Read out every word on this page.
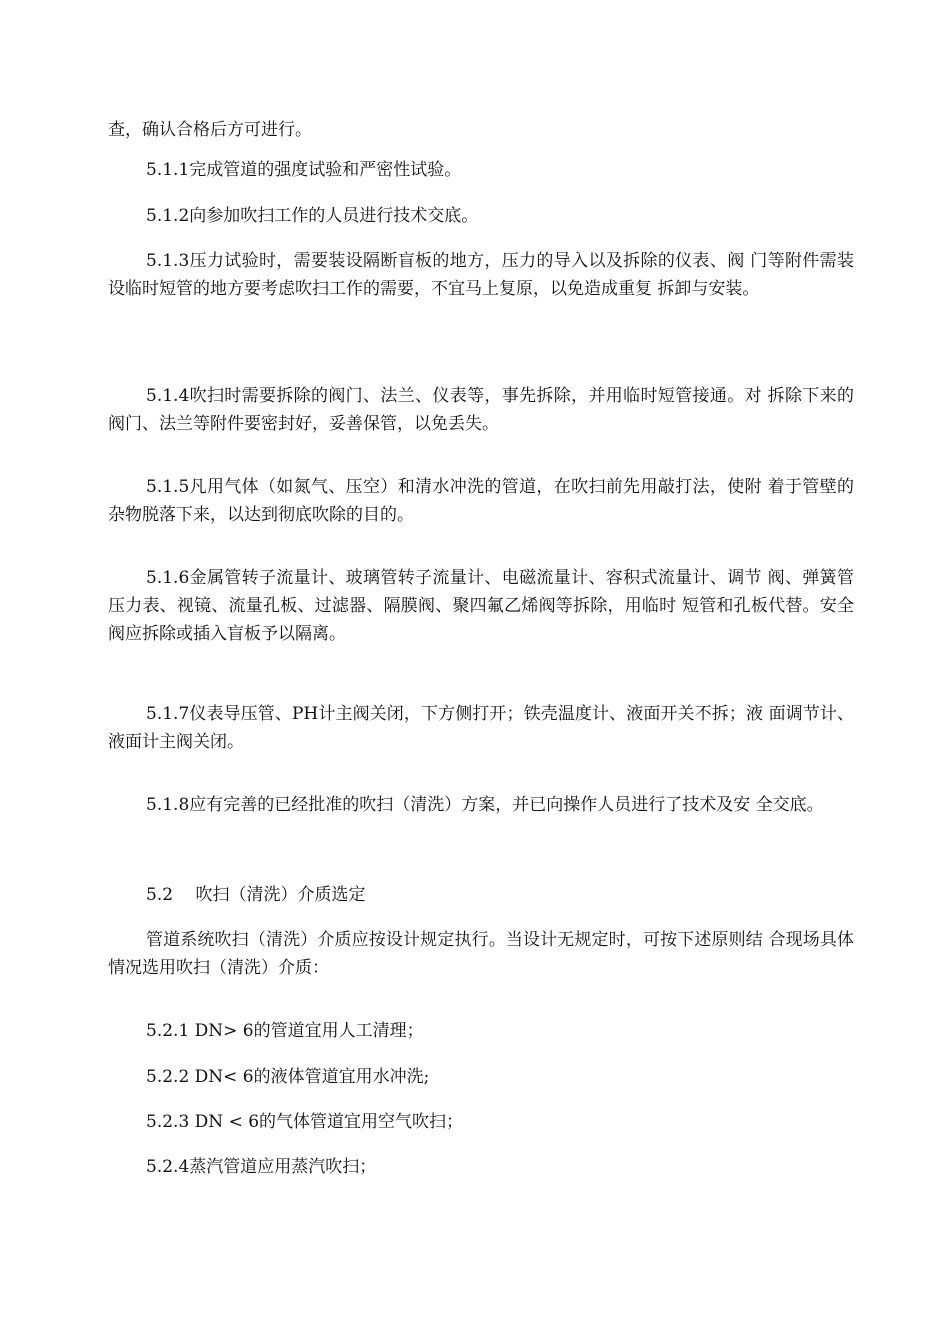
查，确认合格后方可进行。
5.1.1完成管道的强度试验和严密性试验。
5.1.2向参加吹扫工作的人员进行技术交底。
5.1.3压力试验时，需要装设隔断盲板的地方，压力的导入以及拆除的仪表、阀 门等附件需装设临时短管的地方要考虑吹扫工作的需要，不宜马上复原，以免造成重复 拆卸与安装。
5.1.4吹扫时需要拆除的阀门、法兰、仪表等，事先拆除，并用临时短管接通。对 拆除下来的阀门、法兰等附件要密封好，妥善保管，以免丢失。
5.1.5凡用气体（如氮气、压空）和清水冲洗的管道，在吹扫前先用敲打法，使附 着于管壁的杂物脱落下来，以达到彻底吹除的目的。
5.1.6金属管转子流量计、玻璃管转子流量计、电磁流量计、容积式流量计、调节 阀、弹簧管压力表、视镜、流量孔板、过滤器、隔膜阀、聚四氟乙烯阀等拆除，用临时 短管和孔板代替。安全阀应拆除或插入盲板予以隔离。
5.1.7仪表导压管、PH计主阀关闭，下方侧打开；铁壳温度计、液面开关不拆；液 面调节计、液面计主阀关闭。
5.1.8应有完善的已经批准的吹扫（清洗）方案，并已向操作人员进行了技术及安 全交底。
5.2　 吹扫（清洗）介质选定
管道系统吹扫（清洗）介质应按设计规定执行。当设计无规定时，可按下述原则结 合现场具体情况选用吹扫（清洗）介质：
5.2.1 DN> 6的管道宜用人工清理；
5.2.2 DN< 6的液体管道宜用水冲洗;
5.2.3 DN < 6的气体管道宜用空气吹扫；
5.2.4蒸汽管道应用蒸汽吹扫；
